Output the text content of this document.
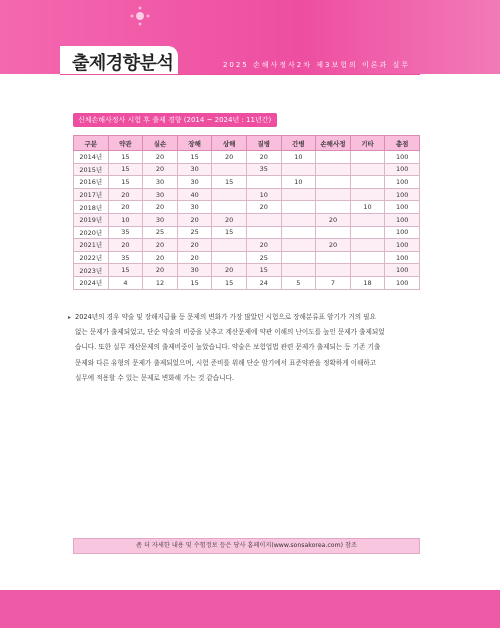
출제경향분석	2025 손해사정사2차 제3보험의 이론과 실무
신체손해사정사 시험 후 출제 경향 (2014 ~ 2024년 : 11년간)
구분	약관	실손	장해	상해	질병	간병	손해사정	기타	총점
2014년	15	20	15	20	20	10			100
2015년	15	20	30		35				100
2016년	15	30	30	15		10			100
2017년	20	30	40		10				100
2018년	20	20	30		20			10	100
2019년	10	30	20	20			20		100
2020년	35	25	25	15					100
2021년	20	20	20		20		20		100
2022년	35	20	20		25				100
2023년	15	20	30	20	15				100
2024년	4	12	15	15	24	5	7	18	100
▸ 2024년의 경우 약술 및 장해지급률 등 문제의 변화가 가장 많았던 시험으로 장해분류표 암기가 거의 필요

없는 문제가 출제되었고, 단순 약술의 비중을 낮추고 계산문제에 약관 이해의 난이도를 높인 문제가 출제되었

습니다. 또한 실무 계산문제의 출제비중이 높았습니다. 약술은 보험업법 관련 문제가 출제되는 등 기존 기출

문제와 다른 유형의 문제가 출제되었으며, 시험 준비를 위해 단순 암기에서 표준약관을 정확하게 이해하고

실무에 적용할 수 있는 문제로 변화해 가는 것 같습니다.

좀 더 자세한 내용 및 수험정보 등은 당사 홈페이지(www.sonsakorea.com) 참조
